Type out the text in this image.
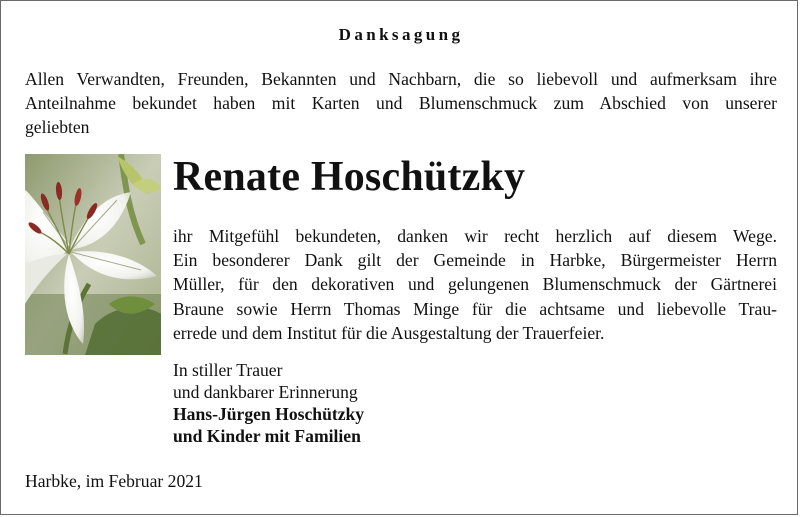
Danksagung
Allen Verwandten, Freunden, Bekannten und Nachbarn, die so liebevoll und aufmerksam ihre
Anteilnahme bekundet haben mit Karten und Blumenschmuck zum Abschied von unserer
geliebten
Renate Hoschützky
ihr Mitgefühl bekundeten, danken wir recht herzlich auf diesem Wege.
Ein besonderer Dank gilt der Gemeinde in Harbke, Bürgermeister Herrn
Müller, für den dekorativen und gelungenen Blumenschmuck der Gärtnerei
Braune sowie Herrn Thomas Minge für die achtsame und liebevolle Trau-
errede und dem Institut für die Ausgestaltung der Trauerfeier.
In stiller Trauer
und dankbarer Erinnerung
Hans-Jürgen Hoschützky
und Kinder mit Familien
Harbke, im Februar 2021
